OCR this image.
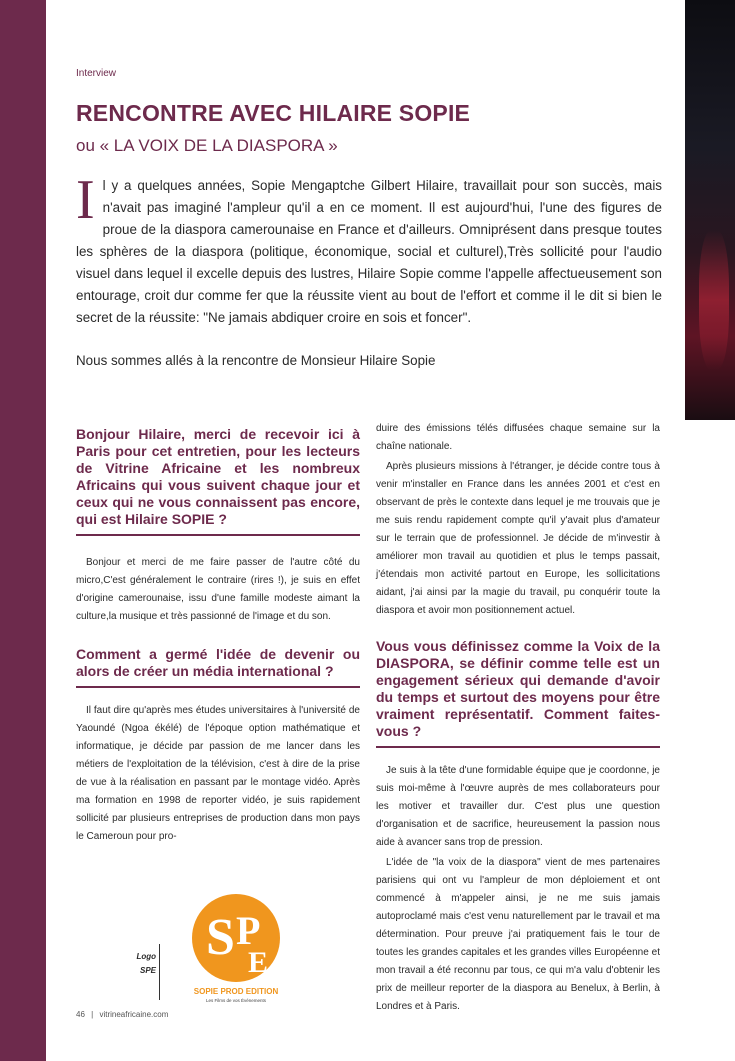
Interview
RENCONTRE AVEC HILAIRE SOPIE
ou « LA VOIX DE LA DIASPORA »
Il y a quelques années, Sopie Mengaptche Gilbert Hilaire, travaillait pour son succès, mais n'avait pas imaginé l'ampleur qu'il a en ce moment. Il est aujourd'hui, l'une des figures de proue de la diaspora camerounaise en France et d'ailleurs. Omniprésent dans presque toutes les sphères de la diaspora (politique, économique, social et culturel),Très sollicité pour l'audio visuel dans lequel il excelle depuis des lustres, Hilaire Sopie comme l'appelle affectueusement son entourage, croit dur comme fer que la réussite vient au bout de l'effort et comme il le dit si bien le secret de la réussite: "Ne jamais abdiquer croire en sois et foncer".
Nous sommes allés à la rencontre de Monsieur Hilaire Sopie
Bonjour Hilaire, merci de recevoir ici à Paris pour cet entretien, pour les lecteurs de Vitrine Africaine et les nombreux Africains qui vous suivent chaque jour et ceux qui ne vous connaissent pas encore, qui est Hilaire SOPIE ?

Bonjour et merci de me faire passer de l'autre côté du micro,C'est généralement le contraire (rires !), je suis en effet d'origine camerounaise, issu d'une famille modeste aimant la culture,la musique et très passionné de l'image et du son.

Comment a germé l'idée de devenir ou alors de créer un média international ?

Il faut dire qu'après mes études universitaires à l'université de Yaoundé (Ngoa ékélé) de l'époque option mathématique et informatique, je décide par passion de me lancer dans les métiers de l'exploitation de la télévision, c'est à dire de la prise de vue à la réalisation en passant par le montage vidéo. Après ma formation en 1998 de reporter vidéo, je suis rapidement sollicité par plusieurs entreprises de production dans mon pays le Cameroun pour pro-

duire des émissions télés diffusées chaque semaine sur la chaîne nationale.

Après plusieurs missions à l'étranger, je décide contre tous à venir m'installer en France dans les années 2001 et c'est en observant de près le contexte dans lequel je me trouvais que je me suis rendu rapidement compte qu'il y'avait plus d'amateur sur le terrain que de professionnel. Je décide de m'investir à améliorer mon travail au quotidien et plus le temps passait, j'étendais mon activité partout en Europe, les sollicitations aidant, j'ai ainsi par la magie du travail, pu conquérir toute la diaspora et avoir mon positionnement actuel.

Vous vous définissez comme la Voix de la DIASPORA, se définir comme telle est un engagement sérieux qui demande d'avoir du temps et surtout des moyens pour être vraiment représentatif. Comment faites-vous ?

Je suis à la tête d'une formidable équipe que je coordonne, je suis moi-même à l'œuvre auprès de mes collaborateurs pour les motiver et travailler dur. C'est plus une question d'organisation et de sacrifice, heureusement la passion nous aide à avancer sans trop de pression.

L'idée de "la voix de la diaspora" vient de mes partenaires parisiens qui ont vu l'ampleur de mon déploiement et ont commencé à m'appeler ainsi, je ne me suis jamais autoproclamé mais c'est venu naturellement par le travail et ma détermination. Pour preuve j'ai pratiquement fais le tour de toutes les grandes capitales et les grandes villes Européenne et mon travail a été reconnu par tous, ce qui m'a valu d'obtenir les prix de meilleur reporter de la diaspora au Benelux, à Berlin, à Londres et à Paris.

Logo
SPE
S P
E
SOPIE PROD EDITION
Les Films de vos Événements
46 | vitrineafricaine.com
